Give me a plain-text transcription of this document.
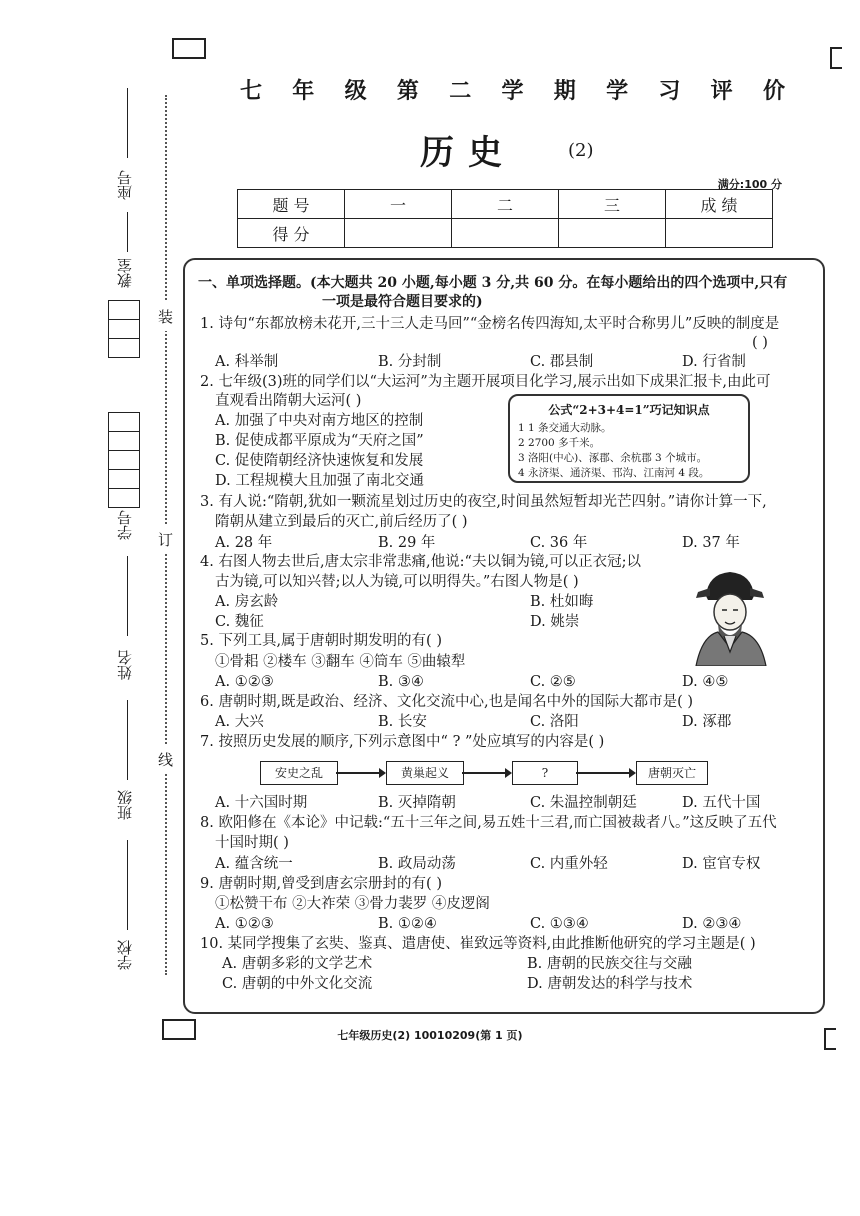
座号
教室
学号
姓名
班级
学校
装
订
线
七 年 级 第 二 学 期 学 习 评 价
历史	(2)
满分:100 分
题 号	一	二	三	成 绩
得 分				
一、单项选择题。(本大题共 20 小题,每小题 3 分,共 60 分。在每小题给出的四个选项中,只有
一项是最符合题目要求的)
1. 诗句“东都放榜未花开,三十三人走马回”“金榜名传四海知,太平时合称男儿”反映的制度是
( )
A. 科举制	B. 分封制	C. 郡县制	D. 行省制
2. 七年级(3)班的同学们以“大运河”为主题开展项目化学习,展示出如下成果汇报卡,由此可
直观看出隋朝大运河( )
A. 加强了中央对南方地区的控制
B. 促使成都平原成为“天府之国”
C. 促使隋朝经济快速恢复和发展
D. 工程规模大且加强了南北交通
公式“2+3+4=1”巧记知识点
1 1 条交通大动脉。
2 2700 多千米。
3 洛阳(中心)、涿郡、余杭郡 3 个城市。
4 永济渠、通济渠、邗沟、江南河 4 段。
3. 有人说:“隋朝,犹如一颗流星划过历史的夜空,时间虽然短暂却光芒四射。”请你计算一下,
隋朝从建立到最后的灭亡,前后经历了( )
A. 28 年	B. 29 年	C. 36 年	D. 37 年
4. 右图人物去世后,唐太宗非常悲痛,他说:“夫以铜为镜,可以正衣冠;以
古为镜,可以知兴替;以人为镜,可以明得失。”右图人物是( )
A. 房玄龄	B. 杜如晦
C. 魏征	D. 姚崇
5. 下列工具,属于唐朝时期发明的有( )
①骨耜 ②楼车 ③翻车 ④筒车 ⑤曲辕犁
A. ①②③	B. ③④	C. ②⑤	D. ④⑤
6. 唐朝时期,既是政治、经济、文化交流中心,也是闻名中外的国际大都市是( )
A. 大兴	B. 长安	C. 洛阳	D. 涿郡
7. 按照历史发展的顺序,下列示意图中“ ? ”处应填写的内容是( )
安史之乱	黄巢起义	?	唐朝灭亡
A. 十六国时期	B. 灭掉隋朝	C. 朱温控制朝廷	D. 五代十国
8. 欧阳修在《本论》中记载:“五十三年之间,易五姓十三君,而亡国被裁者八。”这反映了五代
十国时期( )
A. 蕴含统一	B. 政局动荡	C. 内重外轻	D. 宦官专权
9. 唐朝时期,曾受到唐玄宗册封的有( )
①松赞干布 ②大祚荣 ③骨力裴罗 ④皮逻阁
A. ①②③	B. ①②④	C. ①③④	D. ②③④
10. 某同学搜集了玄奘、鉴真、遣唐使、崔致远等资料,由此推断他研究的学习主题是( )
A. 唐朝多彩的文学艺术	B. 唐朝的民族交往与交融
C. 唐朝的中外文化交流	D. 唐朝发达的科学与技术
七年级历史(2) 10010209(第 1 页)
